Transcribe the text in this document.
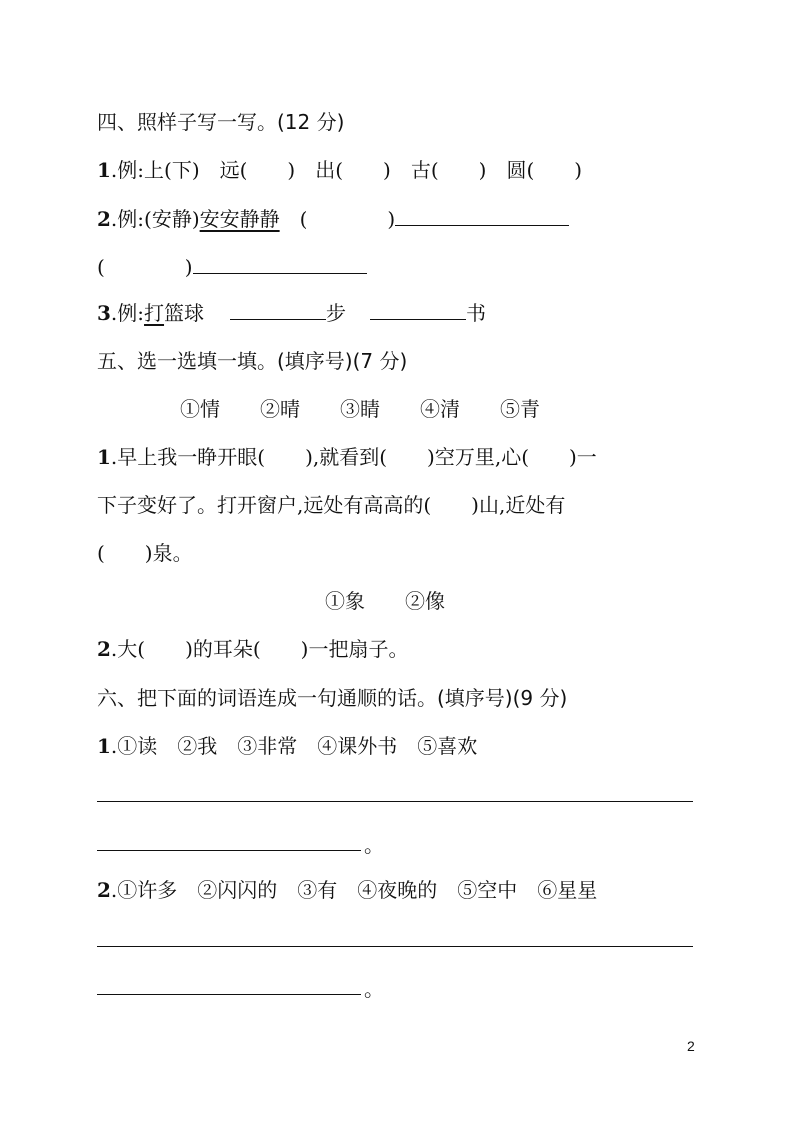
四、照样子写一写。(12 分)
1.例:上(下)　远(　　)　出(　　)　古(　　)　圆(　　)
2.例:(安静)安安静静　(　　　　)
(　　　　)
3.例:打篮球	步	书
五、选一选填一填。(填序号)(7 分)
①情　　②晴　　③睛　　④清　　⑤青
1.早上我一睁开眼(　　),就看到(　　)空万里,心(　　)一
下子变好了。打开窗户,远处有高高的(　　)山,近处有
(　　)泉。
①象　　②像
2.大(　　)的耳朵(　　)一把扇子。
六、把下面的词语连成一句通顺的话。(填序号)(9 分)
1.①读　②我　③非常　④课外书　⑤喜欢
。
2.①许多　②闪闪的　③有　④夜晚的　⑤空中　⑥星星
。
2
